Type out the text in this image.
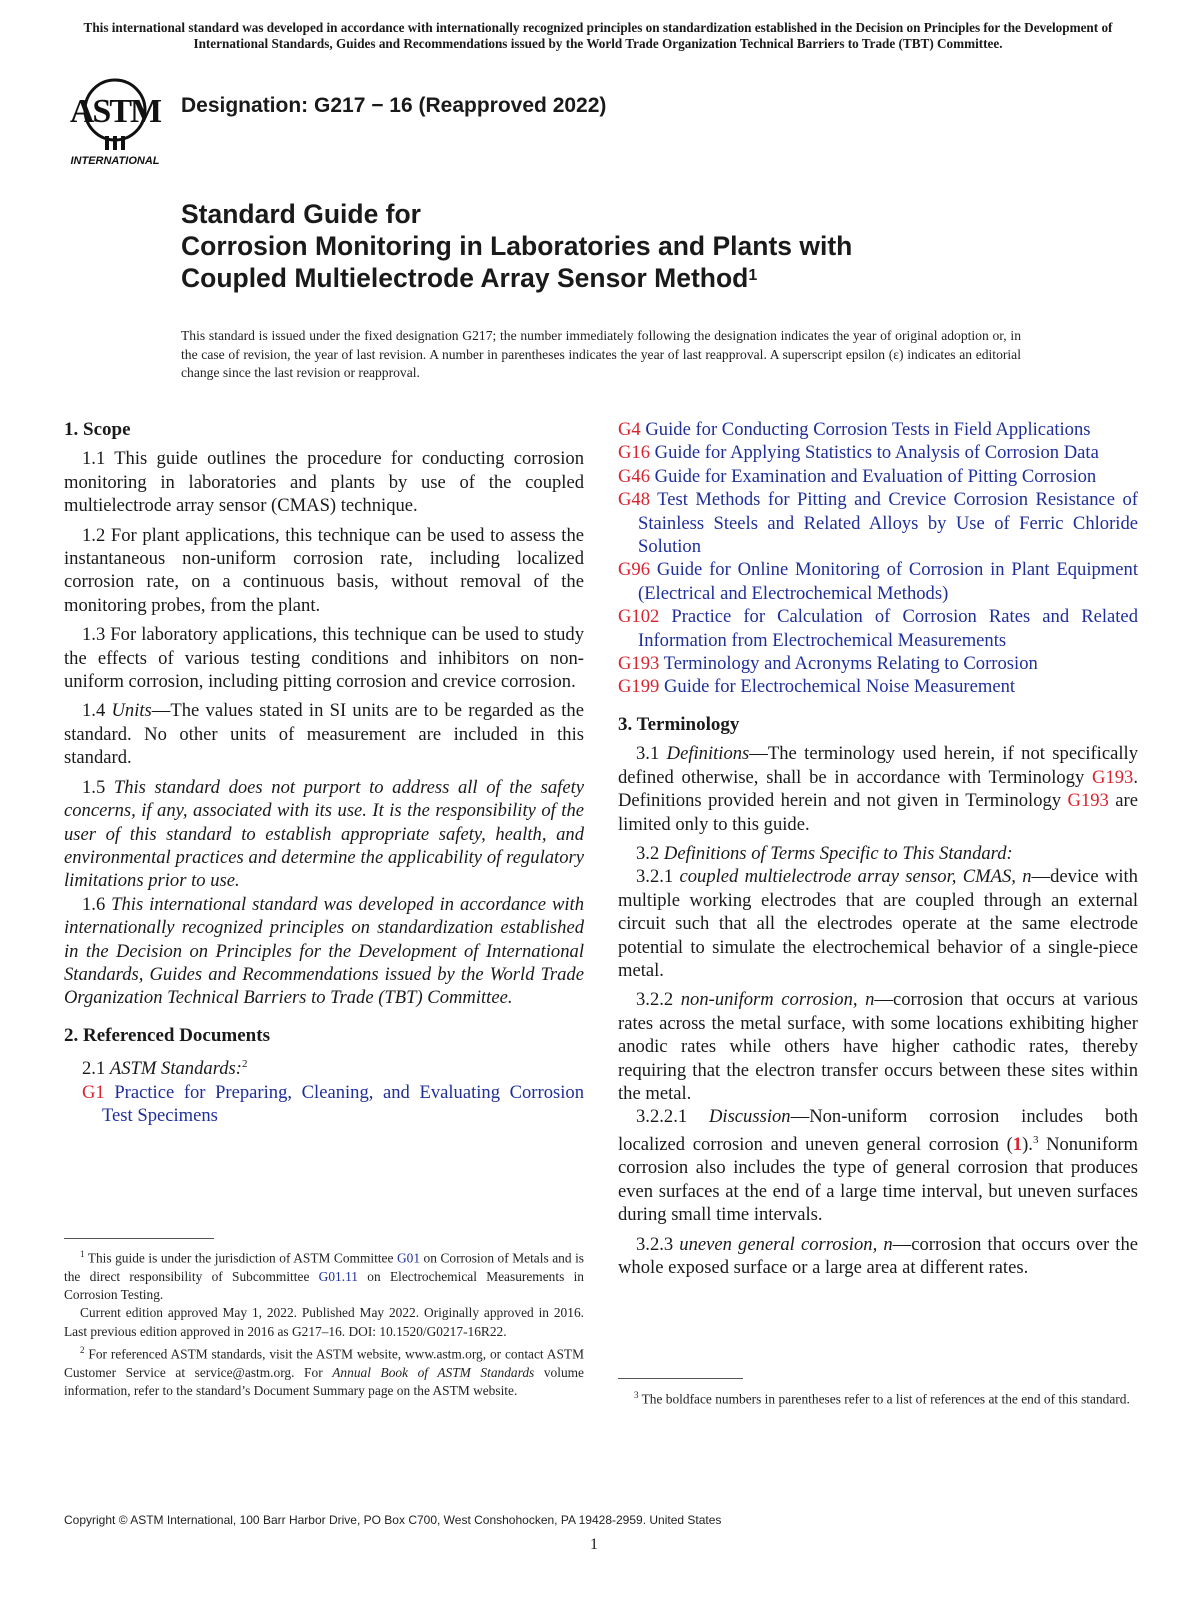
This international standard was developed in accordance with internationally recognized principles on standardization established in the Decision on Principles for the Development of International Standards, Guides and Recommendations issued by the World Trade Organization Technical Barriers to Trade (TBT) Committee.
ASTM
INTERNATIONAL
Designation: G217 − 16 (Reapproved 2022)
Standard Guide for
Corrosion Monitoring in Laboratories and Plants with
Coupled Multielectrode Array Sensor Method$^1$
This standard is issued under the fixed designation G217; the number immediately following the designation indicates the year of original adoption or, in the case of revision, the year of last revision. A number in parentheses indicates the year of last reapproval. A superscript epsilon (ε) indicates an editorial change since the last revision or reapproval.
1. Scope

1.1 This guide outlines the procedure for conducting corrosion monitoring in laboratories and plants by use of the coupled multielectrode array sensor (CMAS) technique.

1.2 For plant applications, this technique can be used to assess the instantaneous non-uniform corrosion rate, including localized corrosion rate, on a continuous basis, without removal of the monitoring probes, from the plant.

1.3 For laboratory applications, this technique can be used to study the effects of various testing conditions and inhibitors on non-uniform corrosion, including pitting corrosion and crevice corrosion.

1.4 Units—The values stated in SI units are to be regarded as the standard. No other units of measurement are included in this standard.

1.5 This standard does not purport to address all of the safety concerns, if any, associated with its use. It is the responsibility of the user of this standard to establish appropriate safety, health, and environmental practices and determine the applicability of regulatory limitations prior to use.

1.6 This international standard was developed in accordance with internationally recognized principles on standardization established in the Decision on Principles for the Development of International Standards, Guides and Recommendations issued by the World Trade Organization Technical Barriers to Trade (TBT) Committee.

2. Referenced Documents

2.1 ASTM Standards:$^2$

G1 Practice for Preparing, Cleaning, and Evaluating Corrosion Test Specimens
G4 Guide for Conducting Corrosion Tests in Field Applications
G16 Guide for Applying Statistics to Analysis of Corrosion Data
G46 Guide for Examination and Evaluation of Pitting Corrosion
G48 Test Methods for Pitting and Crevice Corrosion Resistance of Stainless Steels and Related Alloys by Use of Ferric Chloride Solution
G96 Guide for Online Monitoring of Corrosion in Plant Equipment (Electrical and Electrochemical Methods)
G102 Practice for Calculation of Corrosion Rates and Related Information from Electrochemical Measurements
G193 Terminology and Acronyms Relating to Corrosion
G199 Guide for Electrochemical Noise Measurement
3. Terminology

3.1 Definitions—The terminology used herein, if not specifically defined otherwise, shall be in accordance with Terminology G193. Definitions provided herein and not given in Terminology G193 are limited only to this guide.

3.2 Definitions of Terms Specific to This Standard:

3.2.1 coupled multielectrode array sensor, CMAS, n—device with multiple working electrodes that are coupled through an external circuit such that all the electrodes operate at the same electrode potential to simulate the electrochemical behavior of a single-piece metal.

3.2.2 non-uniform corrosion, n—corrosion that occurs at various rates across the metal surface, with some locations exhibiting higher anodic rates while others have higher cathodic rates, thereby requiring that the electron transfer occurs between these sites within the metal.

3.2.2.1 Discussion—Non-uniform corrosion includes both localized corrosion and uneven general corrosion (1).$^3$ Nonuniform corrosion also includes the type of general corrosion that produces even surfaces at the end of a large time interval, but uneven surfaces during small time intervals.

3.2.3 uneven general corrosion, n—corrosion that occurs over the whole exposed surface or a large area at different rates.

$^1$ This guide is under the jurisdiction of ASTM Committee G01 on Corrosion of Metals and is the direct responsibility of Subcommittee G01.11 on Electrochemical Measurements in Corrosion Testing.

Current edition approved May 1, 2022. Published May 2022. Originally approved in 2016. Last previous edition approved in 2016 as G217–16. DOI: 10.1520/G0217-16R22.

$^2$ For referenced ASTM standards, visit the ASTM website, www.astm.org, or contact ASTM Customer Service at service@astm.org. For Annual Book of ASTM Standards volume information, refer to the standard’s Document Summary page on the ASTM website.	$^3$ The boldface numbers in parentheses refer to a list of references at the end of this standard.

Copyright © ASTM International, 100 Barr Harbor Drive, PO Box C700, West Conshohocken, PA 19428-2959. United States
1
